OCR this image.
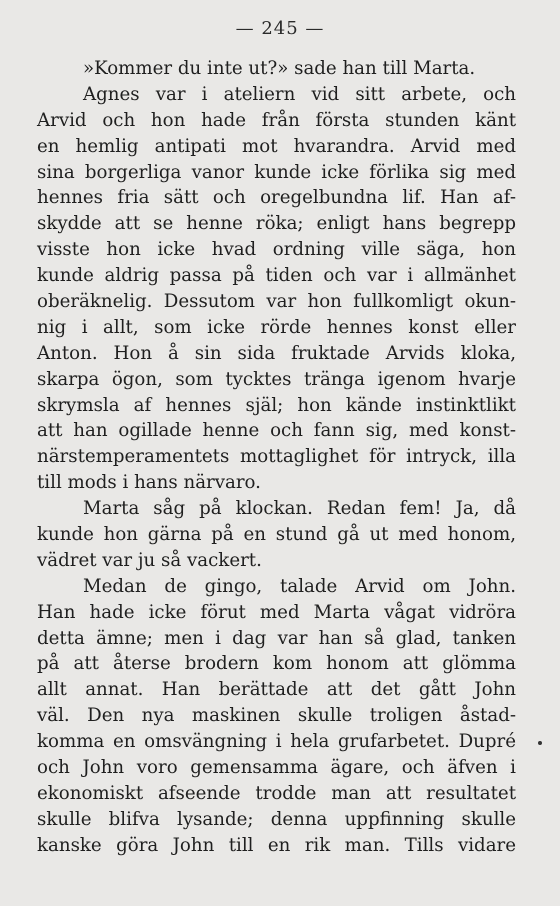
— 245 —
»Kommer du inte ut?» sade han till Marta.
Agnes var i ateliern vid sitt arbete, och
Arvid och hon hade från första stunden känt
en hemlig antipati mot hvarandra. Arvid med
sina borgerliga vanor kunde icke förlika sig med
hennes fria sätt och oregelbundna lif. Han af-
skydde att se henne röka; enligt hans begrepp
visste hon icke hvad ordning ville säga, hon
kunde aldrig passa på tiden och var i allmänhet
oberäknelig. Dessutom var hon fullkomligt okun-
nig i allt, som icke rörde hennes konst eller
Anton. Hon å sin sida fruktade Arvids kloka,
skarpa ögon, som tycktes tränga igenom hvarje
skrymsla af hennes själ; hon kände instinktlikt
att han ogillade henne och fann sig, med konst-
närstemperamentets mottaglighet för intryck, illa
till mods i hans närvaro.
Marta såg på klockan. Redan fem! Ja, då
kunde hon gärna på en stund gå ut med honom,
vädret var ju så vackert.
Medan de gingo, talade Arvid om John.
Han hade icke förut med Marta vågat vidröra
detta ämne; men i dag var han så glad, tanken
på att återse brodern kom honom att glömma
allt annat. Han berättade att det gått John
väl. Den nya maskinen skulle troligen åstad-
komma en omsvängning i hela grufarbetet. Dupré
och John voro gemensamma ägare, och äfven i
ekonomiskt afseende trodde man att resultatet
skulle blifva lysande; denna uppfinning skulle
kanske göra John till en rik man. Tills vidare
